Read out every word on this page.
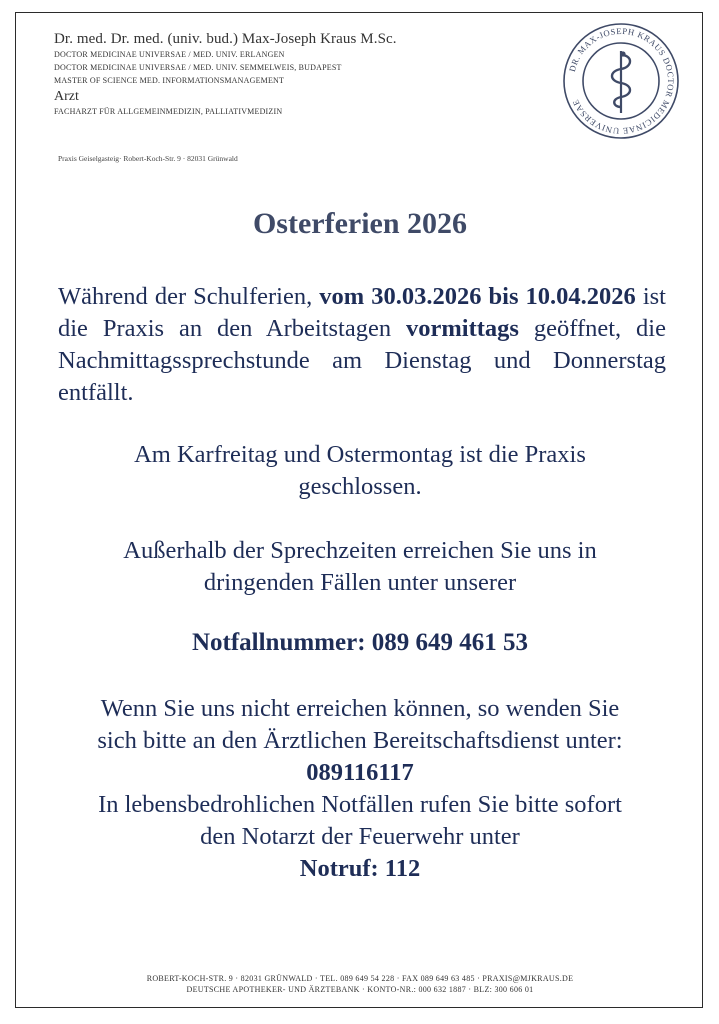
Dr. med. Dr. med. (univ. bud.) Max-Joseph Kraus M.Sc.
DOCTOR MEDICINAE UNIVERSAE / MED. UNIV. ERLANGEN
DOCTOR MEDICINAE UNIVERSAE / MED. UNIV. SEMMELWEIS, BUDAPEST
MASTER OF SCIENCE MED. INFORMATIONSMANAGEMENT
Arzt
FACHARZT FÜR ALLGEMEINMEDIZIN, PALLIATIVMEDIZIN
Praxis Geiselgasteig· Robert-Koch-Str. 9 · 82031 Grünwald
DR. MAX-JOSEPH KRAUS DOCTOR MEDICINAE UNIVERSAE
Osterferien 2026
Während der Schulferien, vom 30.03.2026 bis 10.04.2026 ist die Praxis an den Arbeitstagen vormittags geöffnet, die Nachmittagssprechstunde am Dienstag und Donnerstag entfällt.
Am Karfreitag und Ostermontag ist die Praxis
geschlossen.
Außerhalb der Sprechzeiten erreichen Sie uns in
dringenden Fällen unter unserer
Notfallnummer: 089 649 461 53
Wenn Sie uns nicht erreichen können, so wenden Sie
sich bitte an den Ärztlichen Bereitschaftsdienst unter:
089116117
In lebensbedrohlichen Notfällen rufen Sie bitte sofort
den Notarzt der Feuerwehr unter
Notruf: 112
ROBERT-KOCH-STR. 9 · 82031 GRÜNWALD · TEL. 089 649 54 228 · FAX 089 649 63 485 · PRAXIS@MJKRAUS.DE
DEUTSCHE APOTHEKER- UND ÄRZTEBANK · KONTO-NR.: 000 632 1887 · BLZ: 300 606 01
